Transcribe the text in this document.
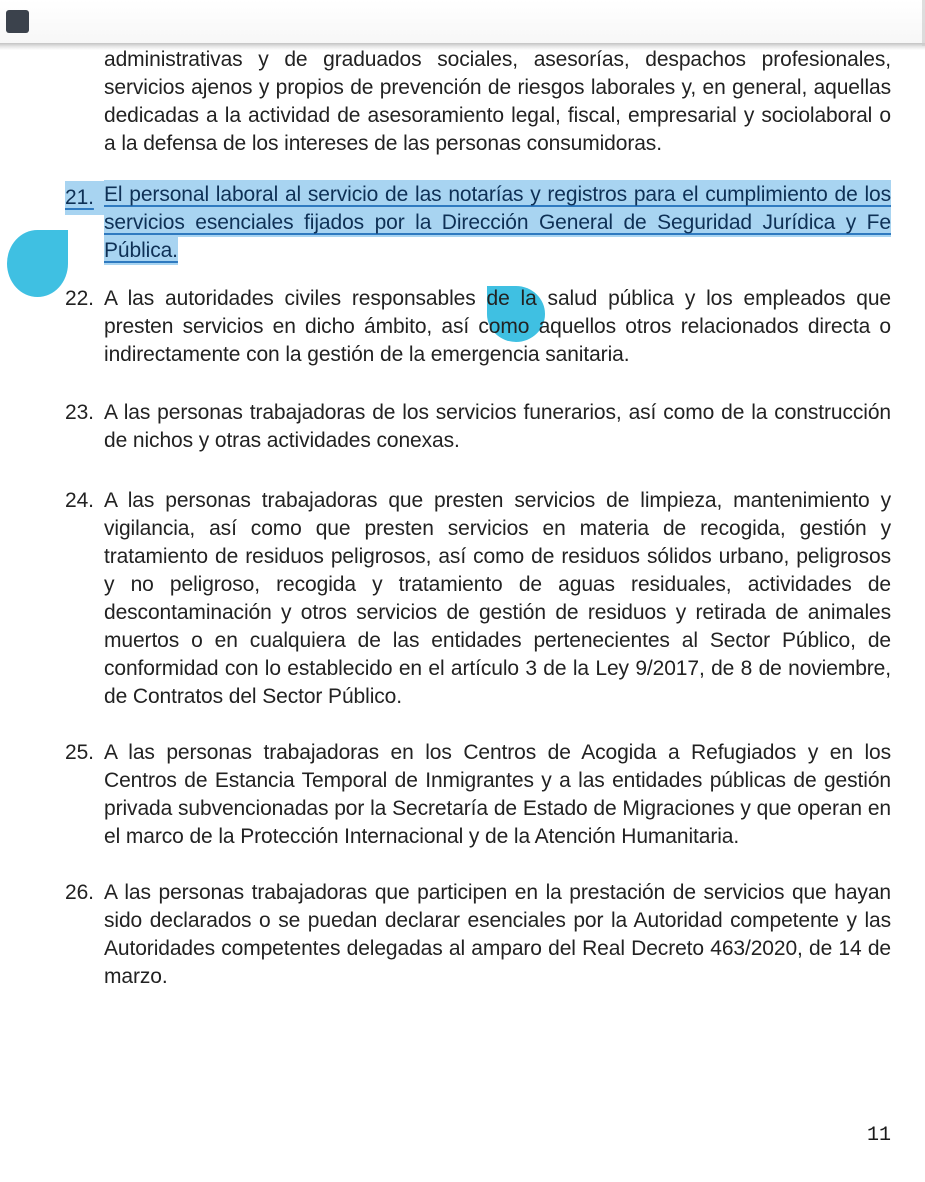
administrativas y de graduados sociales, asesorías, despachos profesionales, servicios ajenos y propios de prevención de riesgos laborales y, en general, aquellas dedicadas a la actividad de asesoramiento legal, fiscal, empresarial y sociolaboral o a la defensa de los intereses de las personas consumidoras.

21. El personal laboral al servicio de las notarías y registros para el cumplimiento de los servicios esenciales fijados por la Dirección General de Seguridad Jurídica y Fe Pública.
22. A las autoridades civiles responsables de la salud pública y los empleados que presten servicios en dicho ámbito, así como aquellos otros relacionados directa o indirectamente con la gestión de la emergencia sanitaria.
23. A las personas trabajadoras de los servicios funerarios, así como de la construcción de nichos y otras actividades conexas.
24. A las personas trabajadoras que presten servicios de limpieza, mantenimiento y vigilancia, así como que presten servicios en materia de recogida, gestión y tratamiento de residuos peligrosos, así como de residuos sólidos urbano, peligrosos y no peligroso, recogida y tratamiento de aguas residuales, actividades de descontaminación y otros servicios de gestión de residuos y retirada de animales muertos o en cualquiera de las entidades pertenecientes al Sector Público, de conformidad con lo establecido en el artículo 3 de la Ley 9/2017, de 8 de noviembre, de Contratos del Sector Público.
25. A las personas trabajadoras en los Centros de Acogida a Refugiados y en los Centros de Estancia Temporal de Inmigrantes y a las entidades públicas de gestión privada subvencionadas por la Secretaría de Estado de Migraciones y que operan en el marco de la Protección Internacional y de la Atención Humanitaria.
26. A las personas trabajadoras que participen en la prestación de servicios que hayan sido declarados o se puedan declarar esenciales por la Autoridad competente y las Autoridades competentes delegadas al amparo del Real Decreto 463/2020, de 14 de marzo.
11
